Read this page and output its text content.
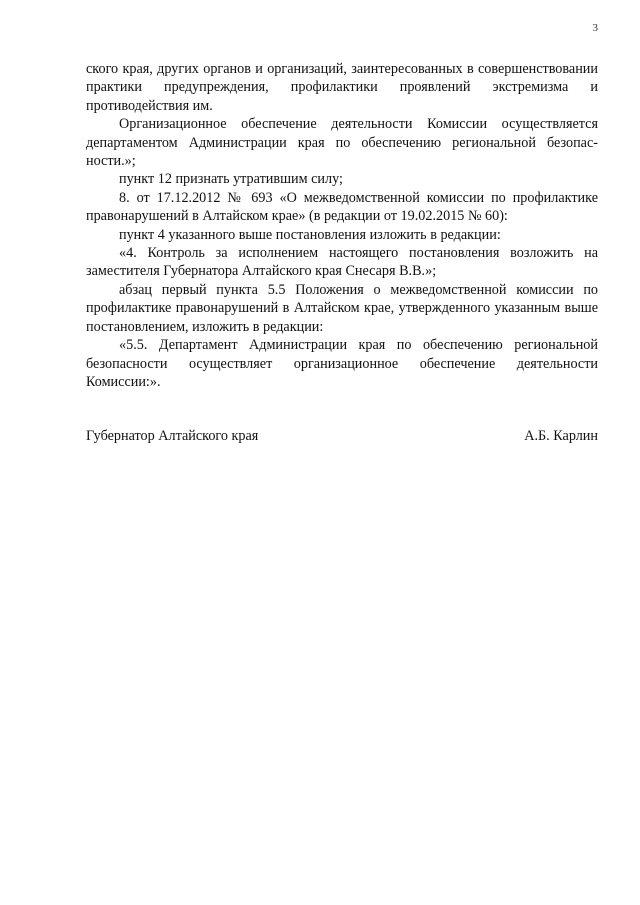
3

ского края, других органов и организаций, заинтересованных в совершенствовании практики предупреждения, профилактики проявлений экстремизма и противодействия им.

Организационное обеспечение деятельности Комиссии осуществляется департаментом Администрации края по обеспечению региональной безопасности.»;

пункт 12 признать утратившим силу;

8. от 17.12.2012 № 693 «О межведомственной комиссии по профилактике правонарушений в Алтайском крае» (в редакции от 19.02.2015 № 60):

пункт 4 указанного выше постановления изложить в редакции:

«4. Контроль за исполнением настоящего постановления возложить на заместителя Губернатора Алтайского края Снесаря В.В.»;

абзац первый пункта 5.5 Положения о межведомственной комиссии по профилактике правонарушений в Алтайском крае, утвержденного указанным выше постановлением, изложить в редакции:

«5.5. Департамент Администрации края по обеспечению региональной безопасности осуществляет организационное обеспечение деятельности Комиссии:».

Губернатор Алтайского края	А.Б. Карлин
